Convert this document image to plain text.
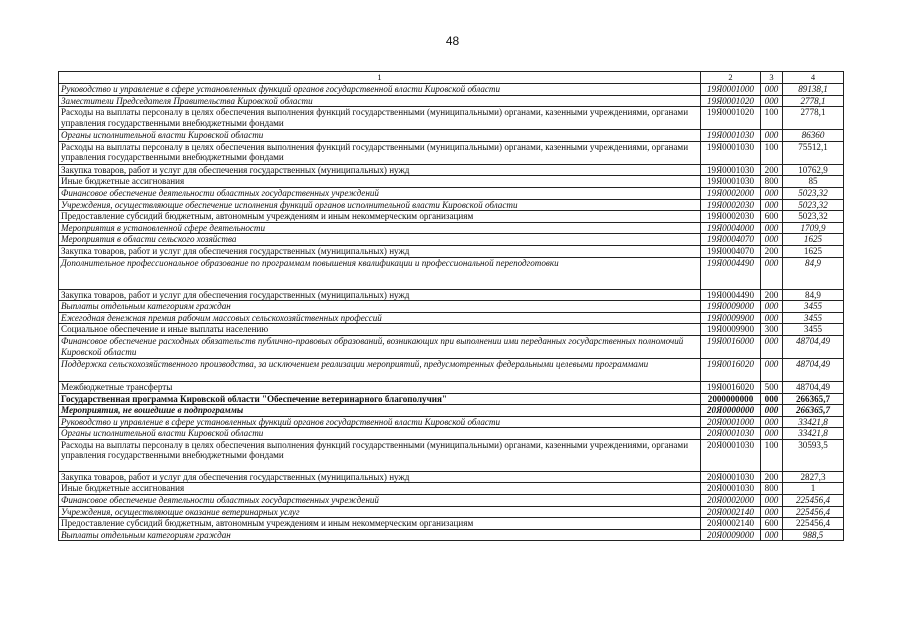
48
1	2	3	4
Руководство и управление в сфере установленных функций органов государственной власти Кировской области	19Я0001000	000	89138,1
Заместители Председателя Правительства Кировской области	19Я0001020	000	2778,1
Расходы на выплаты персоналу в целях обеспечения выполнения функций государственными (муниципальными) органами, казенными учреждениями, органами управления государственными внебюджетными фондами	19Я0001020	100	2778,1
Органы исполнительной власти Кировской области	19Я0001030	000	86360
Расходы на выплаты персоналу в целях обеспечения выполнения функций государственными (муниципальными) органами, казенными учреждениями, органами управления государственными внебюджетными фондами	19Я0001030	100	75512,1
Закупка товаров, работ и услуг для обеспечения государственных (муниципальных) нужд	19Я0001030	200	10762,9
Иные бюджетные ассигнования	19Я0001030	800	85
Финансовое обеспечение деятельности областных государственных учреждений	19Я0002000	000	5023,32
Учреждения, осуществляющие обеспечение исполнения функций органов исполнительной власти Кировской области	19Я0002030	000	5023,32
Предоставление субсидий бюджетным, автономным учреждениям и иным некоммерческим организациям	19Я0002030	600	5023,32
Мероприятия в установленной сфере деятельности	19Я0004000	000	1709,9
Мероприятия в области сельского хозяйства	19Я0004070	000	1625
Закупка товаров, работ и услуг для обеспечения государственных (муниципальных) нужд	19Я0004070	200	1625
Дополнительное профессиональное образование по программам повышения квалификации и профессиональной переподготовки	19Я0004490	000	84,9
Закупка товаров, работ и услуг для обеспечения государственных (муниципальных) нужд	19Я0004490	200	84,9
Выплаты отдельным категориям граждан	19Я0009000	000	3455
Ежегодная денежная премия рабочим массовых сельскохозяйственных профессий	19Я0009900	000	3455
Социальное обеспечение и иные выплаты населению	19Я0009900	300	3455
Финансовое обеспечение расходных обязательств публично-правовых образований, возникающих при выполнении ими переданных государственных полномочий Кировской области	19Я0016000	000	48704,49
Поддержка сельскохозяйственного производства, за исключением реализации мероприятий, предусмотренных федеральными целевыми программами	19Я0016020	000	48704,49
Межбюджетные трансферты	19Я0016020	500	48704,49
Государственная программа Кировской области "Обеспечение ветеринарного благополучия"	2000000000	000	266365,7
Мероприятия, не вошедшие в подпрограммы	20Я0000000	000	266365,7
Руководство и управление в сфере установленных функций органов государственной власти Кировской области	20Я0001000	000	33421,8
Органы исполнительной власти Кировской области	20Я0001030	000	33421,8
Расходы на выплаты персоналу в целях обеспечения выполнения функций государственными (муниципальными) органами, казенными учреждениями, органами управления государственными внебюджетными фондами	20Я0001030	100	30593,5
Закупка товаров, работ и услуг для обеспечения государственных (муниципальных) нужд	20Я0001030	200	2827,3
Иные бюджетные ассигнования	20Я0001030	800	1
Финансовое обеспечение деятельности областных государственных учреждений	20Я0002000	000	225456,4
Учреждения, осуществляющие оказание ветеринарных услуг	20Я0002140	000	225456,4
Предоставление субсидий бюджетным, автономным учреждениям и иным некоммерческим организациям	20Я0002140	600	225456,4
Выплаты отдельным категориям граждан	20Я0009000	000	988,5
